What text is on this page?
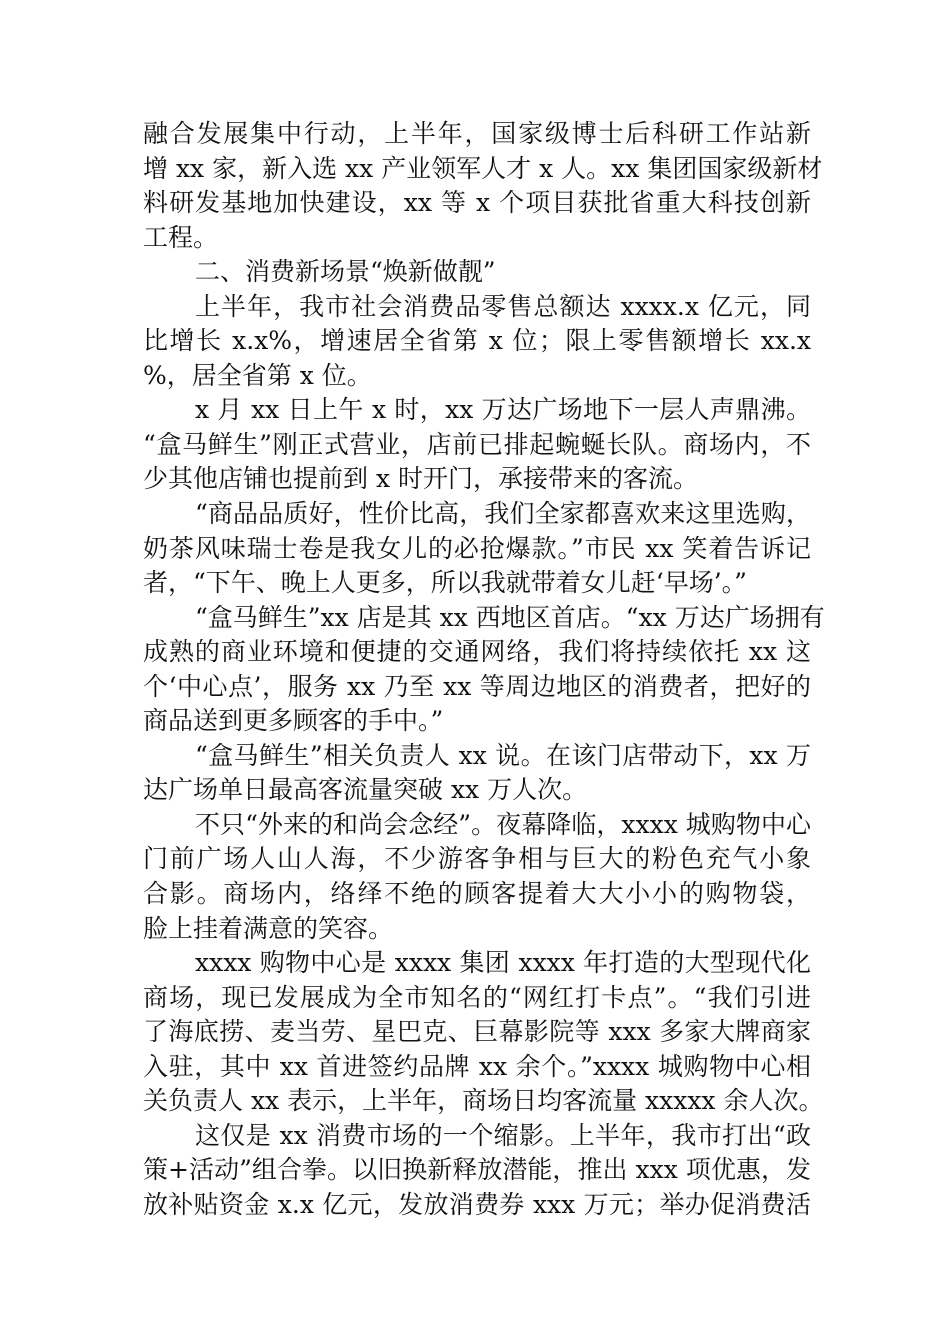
融合发展集中行动，上半年，国家级博士后科研工作站新
增 xx 家，新入选 xx 产业领军人才 x 人。xx 集团国家级新材
料研发基地加快建设，xx 等 x 个项目获批省重大科技创新
工程。
二、消费新场景“焕新做靓”
上半年，我市社会消费品零售总额达 xxxx.x 亿元，同
比增长 x.x%，增速居全省第 x 位；限上零售额增长 xx.x
%，居全省第 x 位。
x 月 xx 日上午 x 时，xx 万达广场地下一层人声鼎沸。
“盒马鲜生”刚正式营业，店前已排起蜿蜒长队。商场内，不
少其他店铺也提前到 x 时开门，承接带来的客流。
“商品品质好，性价比高，我们全家都喜欢来这里选购，
奶茶风味瑞士卷是我女儿的必抢爆款。”市民 xx 笑着告诉记
者，“下午、晚上人更多，所以我就带着女儿赶‘早场’。”
“盒马鲜生”xx 店是其 xx 西地区首店。“xx 万达广场拥有
成熟的商业环境和便捷的交通网络，我们将持续依托 xx 这
个‘中心点’，服务 xx 乃至 xx 等周边地区的消费者，把好的
商品送到更多顾客的手中。”
“盒马鲜生”相关负责人 xx 说。在该门店带动下，xx 万
达广场单日最高客流量突破 xx 万人次。
不只“外来的和尚会念经”。夜幕降临，xxxx 城购物中心
门前广场人山人海，不少游客争相与巨大的粉色充气小象
合影。商场内，络绎不绝的顾客提着大大小小的购物袋，
脸上挂着满意的笑容。
xxxx 购物中心是 xxxx 集团 xxxx 年打造的大型现代化
商场，现已发展成为全市知名的“网红打卡点”。“我们引进
了海底捞、麦当劳、星巴克、巨幕影院等 xxx 多家大牌商家
入驻，其中 xx 首进签约品牌 xx 余个。”xxxx 城购物中心相
关负责人 xx 表示，上半年，商场日均客流量 xxxxx 余人次。
这仅是 xx 消费市场的一个缩影。上半年，我市打出“政
策+活动”组合拳。以旧换新释放潜能，推出 xxx 项优惠，发
放补贴资金 x.x 亿元，发放消费券 xxx 万元；举办促消费活
